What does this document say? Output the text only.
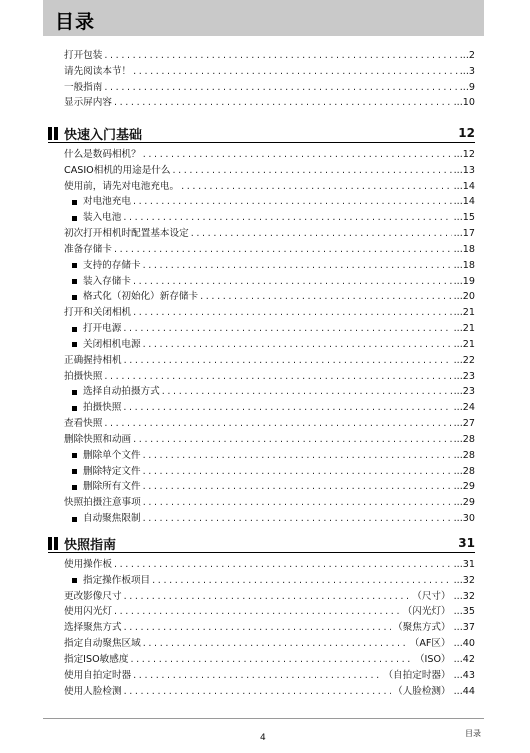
目录
打开包装 .....	... 2
请先阅读本节！ .....	... 3
一般指南 .....	... 9
显示屏内容 .....	... 10
快速入门基础	12
什么是数码相机？ .....	... 12
CASIO相机的用途是什么 .....	... 13
使用前，请先对电池充电。 .....	... 14
对电池充电 .....	... 14
装入电池 .....	... 15
初次打开相机时配置基本设定 .....	... 17
准备存储卡 .....	... 18
支持的存储卡 .....	... 18
装入存储卡 .....	... 19
格式化（初始化）新存储卡 .....	... 20
打开和关闭相机 .....	... 21
打开电源 .....	... 21
关闭相机电源 .....	... 21
正确握持相机 .....	... 22
拍摄快照 .....	... 23
选择自动拍摄方式 .....	... 23
拍摄快照 .....	... 24
查看快照 .....	... 27
删除快照和动画 .....	... 28
删除单个文件 .....	... 28
删除特定文件 .....	... 28
删除所有文件 .....	... 29
快照拍摄注意事项 .....	... 29
自动聚焦限制 .....	... 30
快照指南	31
使用操作板 .....	... 31
指定操作板项目 .....	... 32
更改影像尺寸 .....	（尺寸） ... 32
使用闪光灯 .....	（闪光灯） ... 35
选择聚焦方式 .....	（聚焦方式） ... 37
指定自动聚焦区域 .....	（AF区） ... 40
指定ISO敏感度 .....	（ISO） ... 42
使用自拍定时器 .....	（自拍定时器） ... 43
使用人脸检测 .....	（人脸检测） ... 44
4	目录
